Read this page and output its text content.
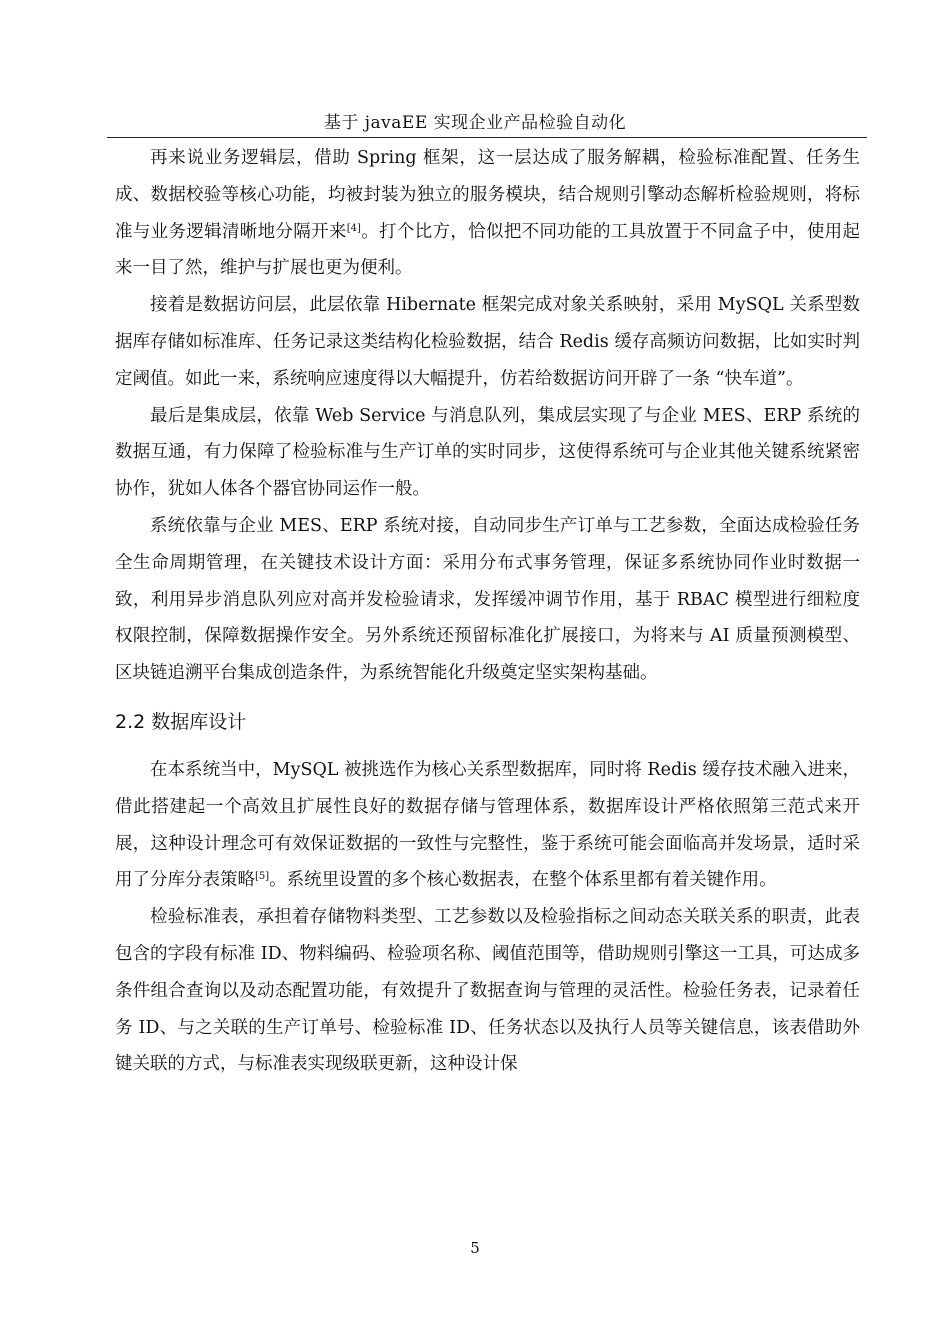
基于 javaEE 实现企业产品检验自动化

再来说业务逻辑层，借助 Spring 框架，这一层达成了服务解耦，检验标准配置、任务生成、数据校验等核心功能，均被封装为独立的服务模块，结合规则引擎动态解析检验规则，将标准与业务逻辑清晰地分隔开来[4]。打个比方，恰似把不同功能的工具放置于不同盒子中，使用起来一目了然，维护与扩展也更为便利。

接着是数据访问层，此层依靠 Hibernate 框架完成对象关系映射，采用 MySQL 关系型数据库存储如标准库、任务记录这类结构化检验数据，结合 Redis 缓存高频访问数据，比如实时判定阈值。如此一来，系统响应速度得以大幅提升，仿若给数据访问开辟了一条 “快车道”。

最后是集成层，依靠 Web Service 与消息队列，集成层实现了与企业 MES、ERP 系统的数据互通，有力保障了检验标准与生产订单的实时同步，这使得系统可与企业其他关键系统紧密协作，犹如人体各个器官协同运作一般。

系统依靠与企业 MES、ERP 系统对接，自动同步生产订单与工艺参数，全面达成检验任务全生命周期管理，在关键技术设计方面：采用分布式事务管理，保证多系统协同作业时数据一致，利用异步消息队列应对高并发检验请求，发挥缓冲调节作用，基于 RBAC 模型进行细粒度权限控制，保障数据操作安全。另外系统还预留标准化扩展接口，为将来与 AI 质量预测模型、区块链追溯平台集成创造条件，为系统智能化升级奠定坚实架构基础。

2.2 数据库设计

在本系统当中，MySQL 被挑选作为核心关系型数据库，同时将 Redis 缓存技术融入进来，借此搭建起一个高效且扩展性良好的数据存储与管理体系，数据库设计严格依照第三范式来开展，这种设计理念可有效保证数据的一致性与完整性，鉴于系统可能会面临高并发场景，适时采用了分库分表策略[5]。系统里设置的多个核心数据表，在整个体系里都有着关键作用。

检验标准表，承担着存储物料类型、工艺参数以及检验指标之间动态关联关系的职责，此表包含的字段有标准 ID、物料编码、检验项名称、阈值范围等，借助规则引擎这一工具，可达成多条件组合查询以及动态配置功能，有效提升了数据查询与管理的灵活性。检验任务表，记录着任务 ID、与之关联的生产订单号、检验标准 ID、任务状态以及执行人员等关键信息，该表借助外键关联的方式，与标准表实现级联更新，这种设计保

5
